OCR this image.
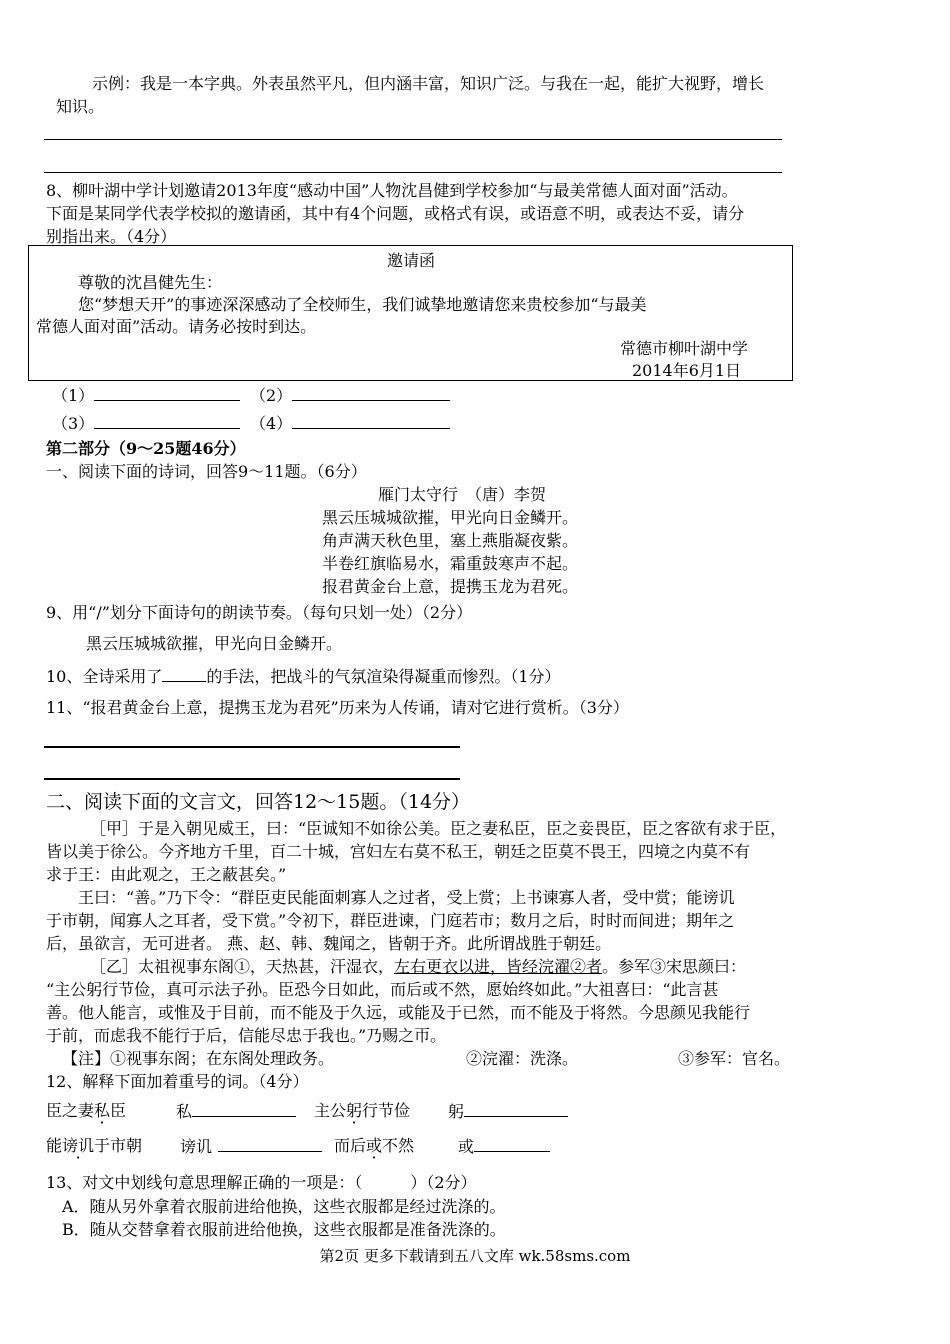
示例：我是一本字典。外表虽然平凡，但内涵丰富，知识广泛。与我在一起，能扩大视野，增长
知识。
8、柳叶湖中学计划邀请2013年度“感动中国”人物沈昌健到学校参加“与最美常德人面对面”活动。
下面是某同学代表学校拟的邀请函，其中有4个问题，或格式有误，或语意不明，或表达不妥，请分
别指出来。（4分）
邀请函
尊敬的沈昌健先生：
您“梦想天开”的事迹深深感动了全校师生，我们诚挚地邀请您来贵校参加“与最美
常德人面对面”活动。请务必按时到达。
常德市柳叶湖中学
2014年6月1日
（1）	（2）
（3）	（4）
第二部分（9～25题46分）
一、阅读下面的诗词，回答9～11题。（6分）
雁门太守行　（唐）李贺
黑云压城城欲摧，甲光向日金鳞开。
角声满天秋色里，塞上燕脂凝夜紫。
半卷红旗临易水，霜重鼓寒声不起。
报君黄金台上意，提携玉龙为君死。
9、用“/”划分下面诗句的朗读节奏。（每句只划一处）（2分）
黑云压城城欲摧，甲光向日金鳞开。
10、全诗采用了	的手法，把战斗的气氛渲染得凝重而惨烈。（1分）
11、“报君黄金台上意，提携玉龙为君死”历来为人传诵，请对它进行赏析。（3分）
二、阅读下面的文言文，回答12～15题。（14分）
［甲］于是入朝见威王，曰：“臣诚知不如徐公美。臣之妻私臣，臣之妾畏臣，臣之客欲有求于臣，
皆以美于徐公。今齐地方千里，百二十城，宫妇左右莫不私王，朝廷之臣莫不畏王，四境之内莫不有
求于王：由此观之，王之蔽甚矣。”
王曰：“善。”乃下令：“群臣吏民能面刺寡人之过者，受上赏；上书谏寡人者，受中赏；能谤讥
于市朝，闻寡人之耳者，受下赏。”令初下，群臣进谏，门庭若市；数月之后，时时而间进；期年之
后，虽欲言，无可进者。 燕、赵、韩、魏闻之，皆朝于齐。此所谓战胜于朝廷。
［乙］太祖视事东阁①，天热甚，汗湿衣，左右更衣以进，皆经浣濯②者。参军③宋思颜曰：
“主公躬行节俭，真可示法子孙。臣恐今日如此，而后或不然，愿始终如此。”大祖喜曰：“此言甚
善。他人能言，或惟及于目前，而不能及于久远，或能及于已然，而不能及于将然。今思颜见我能行
于前，而虑我不能行于后，信能尽忠于我也。”乃赐之帀。
【注】①视事东阁；在东阁处理政务。	②浣濯：洗涤。	③参军：官名。
12、解释下面加着重号的词。（4分）
臣之妻私臣	私	主公躬行节俭 躬
能谤讥于市朝 谤讥	而后或不然	或
13、对文中划线句意思理解正确的一项是：（　　　）（2分）
A．随从另外拿着衣服前进给他换，这些衣服都是经过洗涤的。
B．随从交替拿着衣服前进给他换，这些衣服都是准备洗涤的。
第2页 更多下载请到五八文库 wk.58sms.com
